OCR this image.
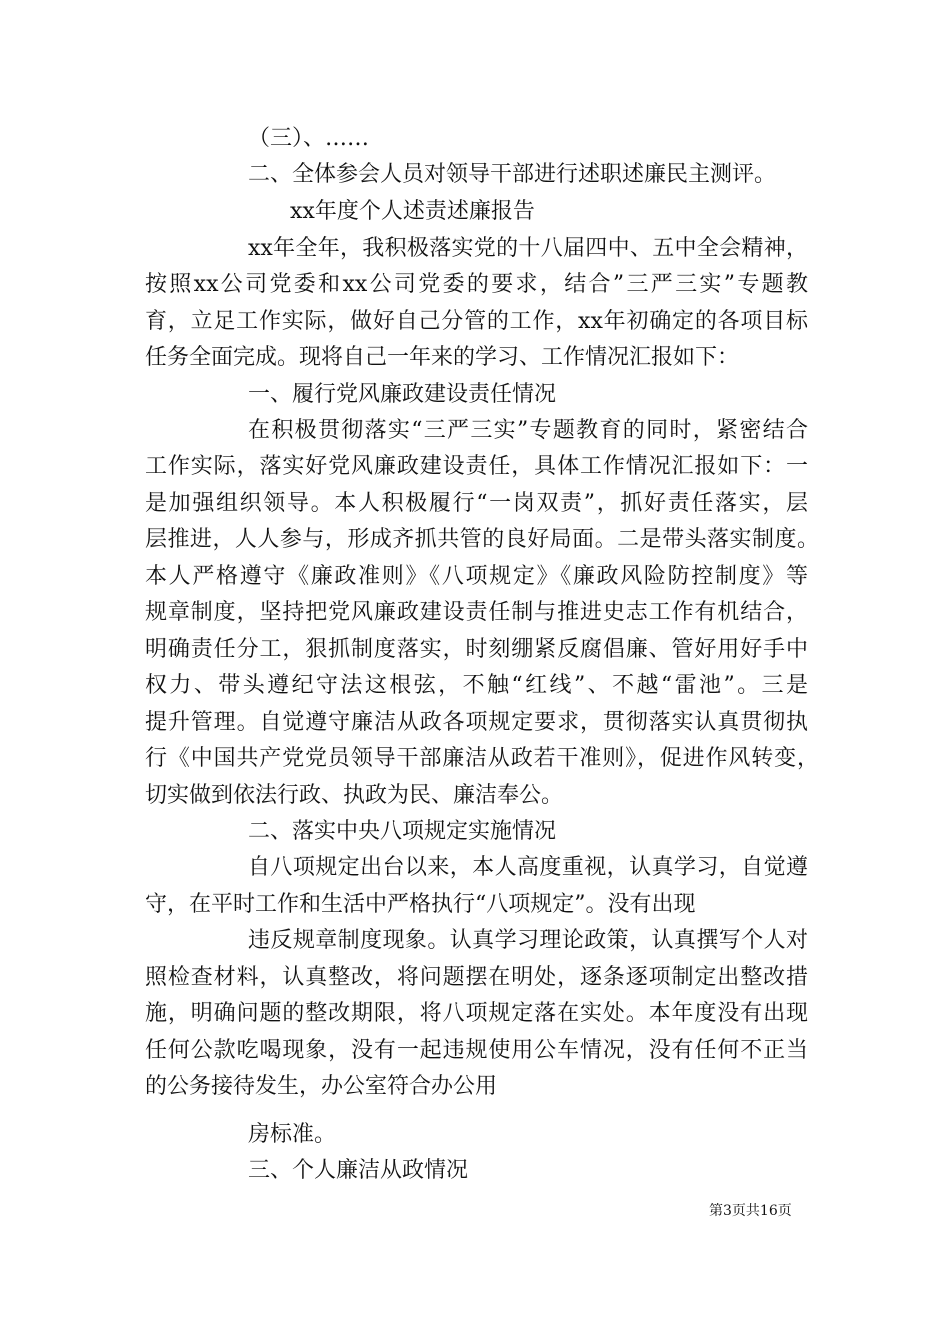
（三）、……
二、全体参会人员对领导干部进行述职述廉民主测评。
xx年度个人述责述廉报告
xx年全年，我积极落实党的十八届四中、五中全会精神，
按照xx公司党委和xx公司党委的要求，结合”三严三实”专题教
育，立足工作实际，做好自己分管的工作，xx年初确定的各项目标
任务全面完成。现将自己一年来的学习、工作情况汇报如下：
一、履行党风廉政建设责任情况
在积极贯彻落实“三严三实”专题教育的同时，紧密结合
工作实际，落实好党风廉政建设责任，具体工作情况汇报如下：一
是加强组织领导。本人积极履行“一岗双责”，抓好责任落实，层
层推进，人人参与，形成齐抓共管的良好局面。二是带头落实制度。
本人严格遵守《廉政准则》《八项规定》《廉政风险防控制度》等
规章制度，坚持把党风廉政建设责任制与推进史志工作有机结合，
明确责任分工，狠抓制度落实，时刻绷紧反腐倡廉、管好用好手中
权力、带头遵纪守法这根弦，不触“红线”、不越“雷池”。三是
提升管理。自觉遵守廉洁从政各项规定要求，贯彻落实认真贯彻执
行《中国共产党党员领导干部廉洁从政若干准则》，促进作风转变，
切实做到依法行政、执政为民、廉洁奉公。
二、落实中央八项规定实施情况
自八项规定出台以来，本人高度重视，认真学习，自觉遵
守，在平时工作和生活中严格执行“八项规定”。没有出现
违反规章制度现象。认真学习理论政策，认真撰写个人对
照检查材料，认真整改，将问题摆在明处，逐条逐项制定出整改措
施，明确问题的整改期限，将八项规定落在实处。本年度没有出现
任何公款吃喝现象，没有一起违规使用公车情况，没有任何不正当
的公务接待发生，办公室符合办公用
房标准。
三、个人廉洁从政情况
第3页共16页
